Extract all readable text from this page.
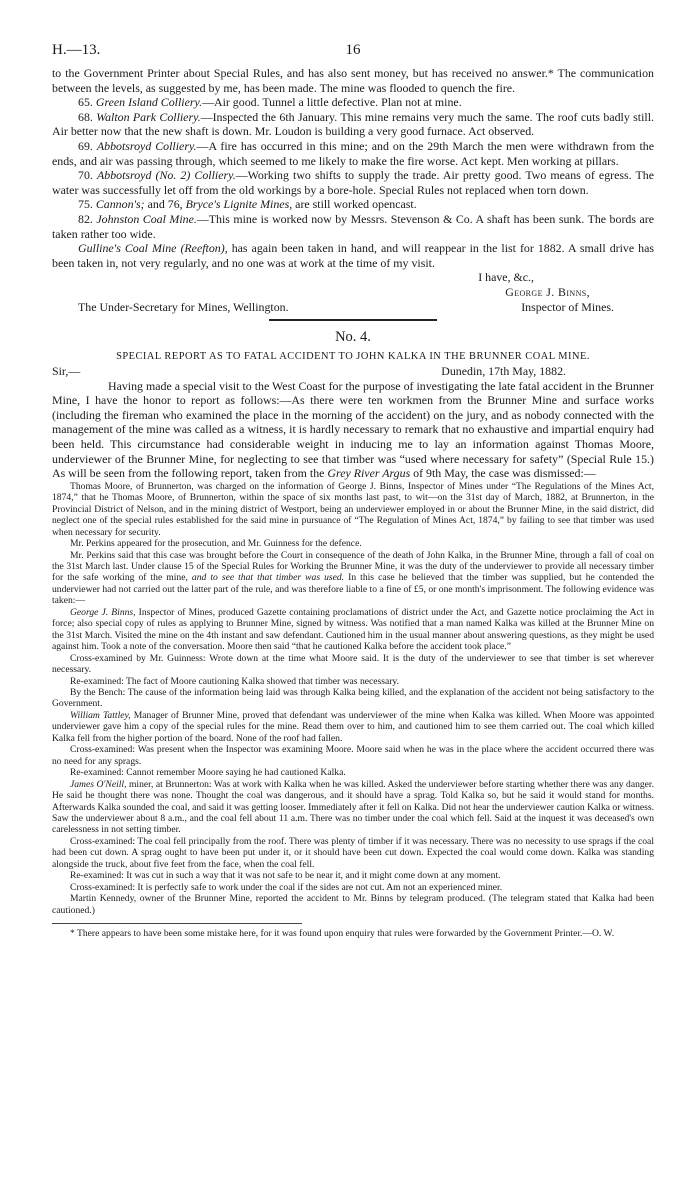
H.—13.	16

to the Government Printer about Special Rules, and has also sent money, but has received no answer.* The communication between the levels, as suggested by me, has been made. The mine was flooded to quench the fire.

65. Green Island Colliery.—Air good. Tunnel a little defective. Plan not at mine.

68. Walton Park Colliery.—Inspected the 6th January. This mine remains very much the same. The roof cuts badly still. Air better now that the new shaft is down. Mr. Loudon is building a very good furnace. Act observed.

69. Abbotsroyd Colliery.—A fire has occurred in this mine; and on the 29th March the men were withdrawn from the ends, and air was passing through, which seemed to me likely to make the fire worse. Act kept. Men working at pillars.

70. Abbotsroyd (No. 2) Colliery.—Working two shifts to supply the trade. Air pretty good. Two means of egress. The water was successfully let off from the old workings by a bore-hole. Special Rules not replaced when torn down.

75. Cannon's; and 76, Bryce's Lignite Mines, are still worked opencast.

82. Johnston Coal Mine.—This mine is worked now by Messrs. Stevenson & Co. A shaft has been sunk. The bords are taken rather too wide.

Gulline's Coal Mine (Reefton), has again been taken in hand, and will reappear in the list for 1882. A small drive has been taken in, not very regularly, and no one was at work at the time of my visit.

I have, &c.,
George J. Binns,
The Under-Secretary for Mines, Wellington.	Inspector of Mines.
No. 4.
SPECIAL REPORT AS TO FATAL ACCIDENT TO JOHN KALKA IN THE BRUNNER COAL MINE.
Sir,—	Dunedin, 17th May, 1882.

Having made a special visit to the West Coast for the purpose of investigating the late fatal accident in the Brunner Mine, I have the honor to report as follows:—As there were ten workmen from the Brunner Mine and surface works (including the fireman who examined the place in the morning of the accident) on the jury, and as nobody connected with the management of the mine was called as a witness, it is hardly necessary to remark that no exhaustive and impartial enquiry had been held. This circumstance had considerable weight in inducing me to lay an information against Thomas Moore, underviewer of the Brunner Mine, for neglecting to see that timber was “used where necessary for safety” (Special Rule 15.) As will be seen from the following report, taken from the Grey River Argus of 9th May, the case was dismissed:—

Thomas Moore, of Brunnerton, was charged on the information of George J. Binns, Inspector of Mines under “The Regulations of the Mines Act, 1874,” that he Thomas Moore, of Brunnerton, within the space of six months last past, to wit—on the 31st day of March, 1882, at Brunnerton, in the Provincial District of Nelson, and in the mining district of Westport, being an underviewer employed in or about the Brunner Mine, in the said district, did neglect one of the special rules established for the said mine in pursuance of “The Regulation of Mines Act, 1874,” by failing to see that timber was used when necessary for security.

Mr. Perkins appeared for the prosecution, and Mr. Guinness for the defence.

Mr. Perkins said that this case was brought before the Court in consequence of the death of John Kalka, in the Brunner Mine, through a fall of coal on the 31st March last. Under clause 15 of the Special Rules for Working the Brunner Mine, it was the duty of the underviewer to provide all necessary timber for the safe working of the mine, and to see that that timber was used. In this case he believed that the timber was supplied, but he contended the underviewer had not carried out the latter part of the rule, and was therefore liable to a fine of £5, or one month's imprisonment. The following evidence was taken:—

George J. Binns, Inspector of Mines, produced Gazette containing proclamations of district under the Act, and Gazette notice proclaiming the Act in force; also special copy of rules as applying to Brunner Mine, signed by witness. Was notified that a man named Kalka was killed at the Brunner Mine on the 31st March. Visited the mine on the 4th instant and saw defendant. Cautioned him in the usual manner about answering questions, as they might be used against him. Took a note of the conversation. Moore then said “that he cautioned Kalka before the accident took place.”

Cross-examined by Mr. Guinness: Wrote down at the time what Moore said. It is the duty of the underviewer to see that timber is set wherever necessary.

Re-examined: The fact of Moore cautioning Kalka showed that timber was necessary.

By the Bench: The cause of the information being laid was through Kalka being killed, and the explanation of the accident not being satisfactory to the Government.

William Tattley, Manager of Brunner Mine, proved that defendant was underviewer of the mine when Kalka was killed. When Moore was appointed underviewer gave him a copy of the special rules for the mine. Read them over to him, and cautioned him to see them carried out. The coal which killed Kalka fell from the higher portion of the board. None of the roof had fallen.

Cross-examined: Was present when the Inspector was examining Moore. Moore said when he was in the place where the accident occurred there was no need for any sprags.

Re-examined: Cannot remember Moore saying he had cautioned Kalka.

James O'Neill, miner, at Brunnerton: Was at work with Kalka when he was killed. Asked the underviewer before starting whether there was any danger. He said he thought there was none. Thought the coal was dangerous, and it should have a sprag. Told Kalka so, but he said it would stand for months. Afterwards Kalka sounded the coal, and said it was getting looser. Immediately after it fell on Kalka. Did not hear the underviewer caution Kalka or witness. Saw the underviewer about 8 a.m., and the coal fell about 11 a.m. There was no timber under the coal which fell. Said at the inquest it was deceased's own carelessness in not setting timber.

Cross-examined: The coal fell principally from the roof. There was plenty of timber if it was necessary. There was no necessity to use sprags if the coal had been cut down. A sprag ought to have been put under it, or it should have been cut down. Expected the coal would come down. Kalka was standing alongside the truck, about five feet from the face, when the coal fell.

Re-examined: It was cut in such a way that it was not safe to be near it, and it might come down at any moment.

Cross-examined: It is perfectly safe to work under the coal if the sides are not cut. Am not an experienced miner.

Martin Kennedy, owner of the Brunner Mine, reported the accident to Mr. Binns by telegram produced. (The telegram stated that Kalka had been cautioned.)

* There appears to have been some mistake here, for it was found upon enquiry that rules were forwarded by the Government Printer.—O. W.
